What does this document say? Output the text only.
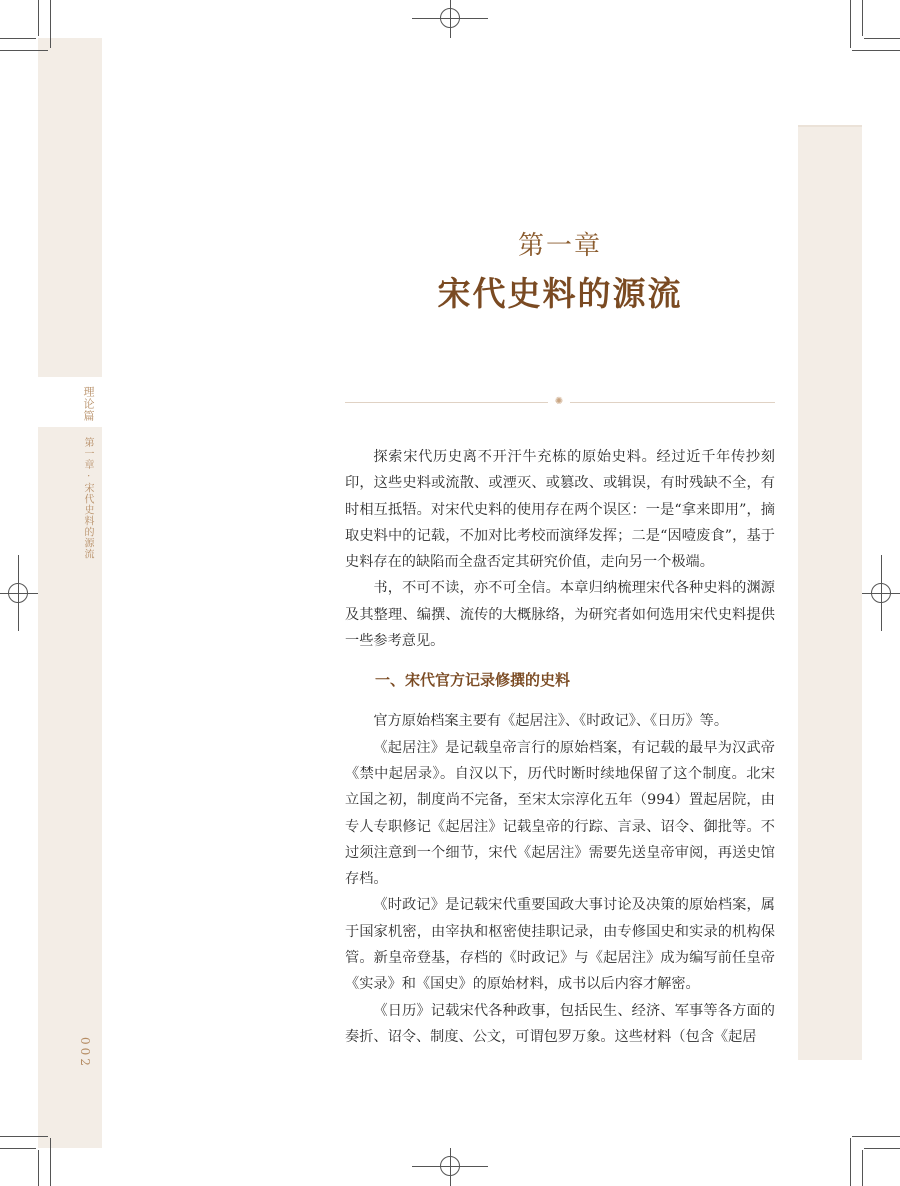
理论篇
第一章 · 宋代史料的源流
002
第一章
宋代史料的源流
✺

探索宋代历史离不开汗牛充栋的原始史料。经过近千年传抄刻印，这些史料或流散、或湮灭、或篡改、或辑误，有时残缺不全，有时相互抵牾。对宋代史料的使用存在两个误区：一是“拿来即用”，摘取史料中的记载，不加对比考校而演绎发挥；二是“因噎废食”，基于史料存在的缺陷而全盘否定其研究价值，走向另一个极端。

书，不可不读，亦不可全信。本章归纳梳理宋代各种史料的渊源及其整理、编撰、流传的大概脉络，为研究者如何选用宋代史料提供一些参考意见。

一、宋代官方记录修撰的史料

官方原始档案主要有《起居注》、《时政记》、《日历》等。

《起居注》是记载皇帝言行的原始档案，有记载的最早为汉武帝《禁中起居录》。自汉以下，历代时断时续地保留了这个制度。北宋立国之初，制度尚不完备，至宋太宗淳化五年（994）置起居院，由专人专职修记《起居注》记载皇帝的行踪、言录、诏令、御批等。不过须注意到一个细节，宋代《起居注》需要先送皇帝审阅，再送史馆存档。

《时政记》是记载宋代重要国政大事讨论及决策的原始档案，属于国家机密，由宰执和枢密使挂职记录，由专修国史和实录的机构保管。新皇帝登基，存档的《时政记》与《起居注》成为编写前任皇帝《实录》和《国史》的原始材料，成书以后内容才解密。

《日历》记载宋代各种政事，包括民生、经济、军事等各方面的奏折、诏令、制度、公文，可谓包罗万象。这些材料（包含《起居
